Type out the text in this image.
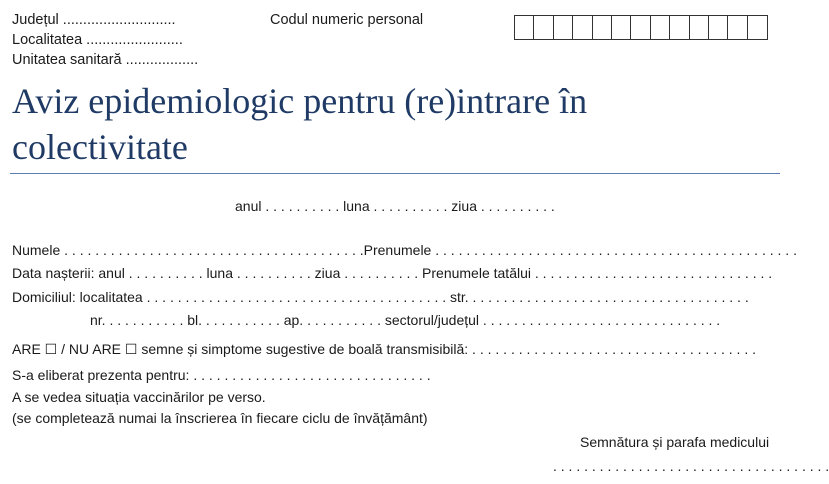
Județul ............................
Localitatea ........................
Unitatea sanitară ..................
Codul numeric personal
Aviz epidemiologic pentru (re)intrare în
colectivitate
anul . . . . . . . . . . luna . . . . . . . . . . ziua . . . . . . . . . .
Numele . . . . . . . . . . . . . . . . . . . . . . . . . . . . . . . . . . . . . . .Prenumele . . . . . . . . . . . . . . . . . . . . . . . . . . . . . . . . . . . . . . . . . . . . . . .
Data nașterii: anul . . . . . . . . . . luna . . . . . . . . . . ziua . . . . . . . . . . Prenumele tatălui . . . . . . . . . . . . . . . . . . . . . . . . . . . . . . .
Domiciliul: localitatea . . . . . . . . . . . . . . . . . . . . . . . . . . . . . . . . . . . . . . . str. . . . . . . . . . . . . . . . . . . . . . . . . . . . . . . . . . . . .
nr. . . . . . . . . . . bl. . . . . . . . . . . ap. . . . . . . . . . . sectorul/județul . . . . . . . . . . . . . . . . . . . . . . . . . . . . . . .
ARE ☐ / NU ARE ☐ semne și simptome sugestive de boală transmisibilă: . . . . . . . . . . . . . . . . . . . . . . . . . . . . . . . . . . . . .
S-a eliberat prezenta pentru: . . . . . . . . . . . . . . . . . . . . . . . . . . . . . . .
A se vedea situația vaccinărilor pe verso.
(se completează numai la înscrierea în fiecare ciclu de învățământ)
Semnătura și parafa medicului
. . . . . . . . . . . . . . . . . . . . . . . . . . . . . . . . . . . .
